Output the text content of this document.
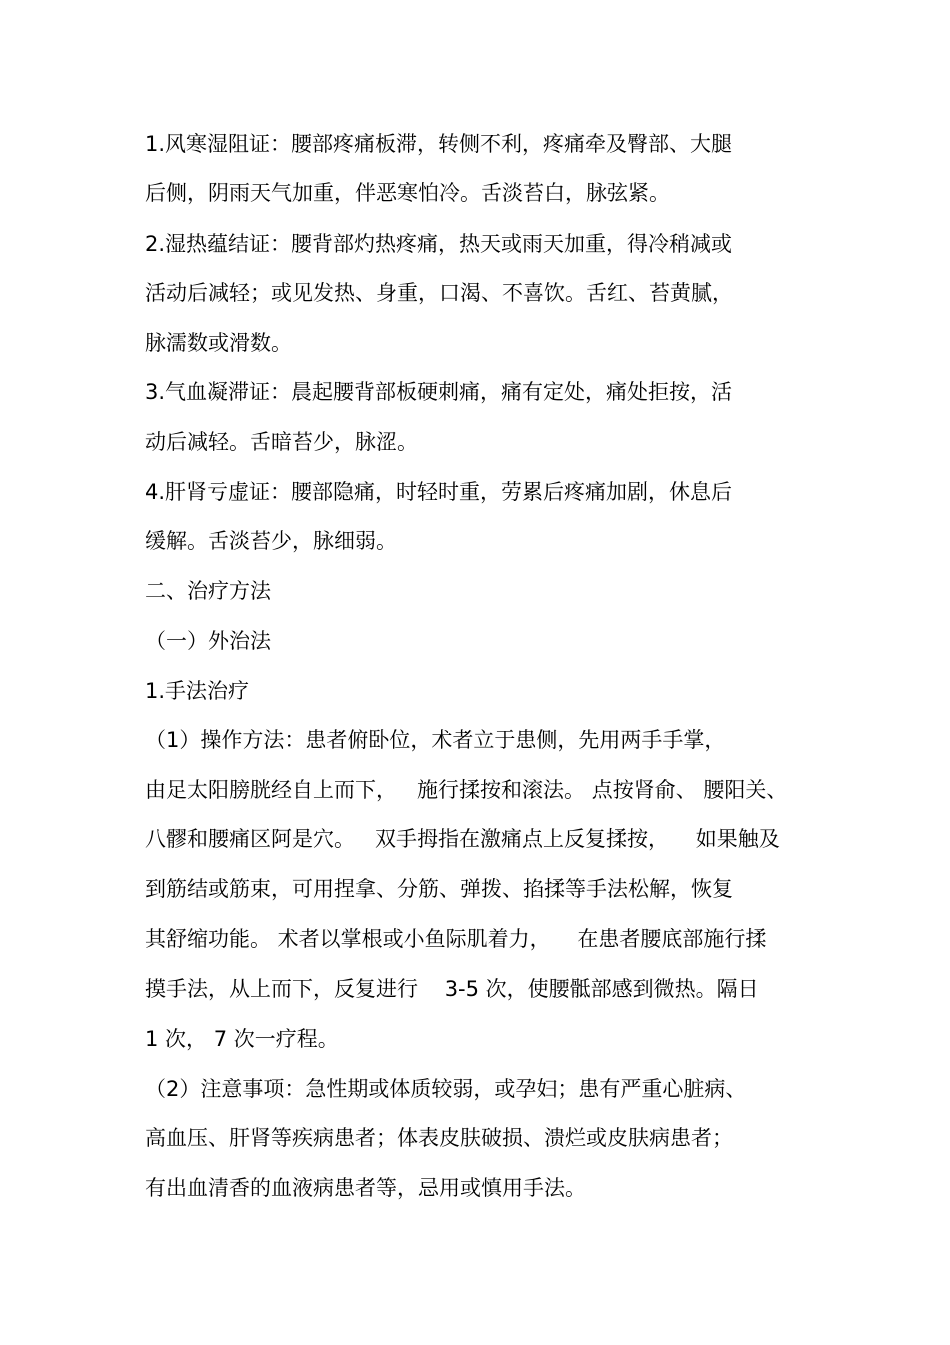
1.风寒湿阻证：腰部疼痛板滞，转侧不利，疼痛牵及臀部、大腿
后侧，阴雨天气加重，伴恶寒怕冷。舌淡苔白，脉弦紧。
2.湿热蕴结证：腰背部灼热疼痛，热天或雨天加重，得冷稍减或
活动后减轻；或见发热、身重，口渴、不喜饮。舌红、苔黄腻，
脉濡数或滑数。
3.气血凝滞证：晨起腰背部板硬刺痛，痛有定处，痛处拒按，活
动后减轻。舌暗苔少，脉涩。
4.肝肾亏虚证：腰部隐痛，时轻时重，劳累后疼痛加剧，休息后
缓解。舌淡苔少，脉细弱。
二、治疗方法
（一）外治法
1.手法治疗
（1）操作方法：患者俯卧位，术者立于患侧，先用两手手掌，
由足太阳膀胱经自上而下，   施行揉按和滚法。 点按肾俞、 腰阳关、
八髎和腰痛区阿是穴。   双手拇指在激痛点上反复揉按，    如果触及
到筋结或筋束，可用捏拿、分筋、弹拨、掐揉等手法松解，恢复
其舒缩功能。 术者以掌根或小鱼际肌着力，    在患者腰底部施行揉
摸手法，从上而下，反复进行    3-5 次，使腰骶部感到微热。隔日
1 次， 7 次一疗程。
（2）注意事项：急性期或体质较弱，或孕妇；患有严重心脏病、
高血压、肝肾等疾病患者；体表皮肤破损、溃烂或皮肤病患者；
有出血清香的血液病患者等，忌用或慎用手法。
